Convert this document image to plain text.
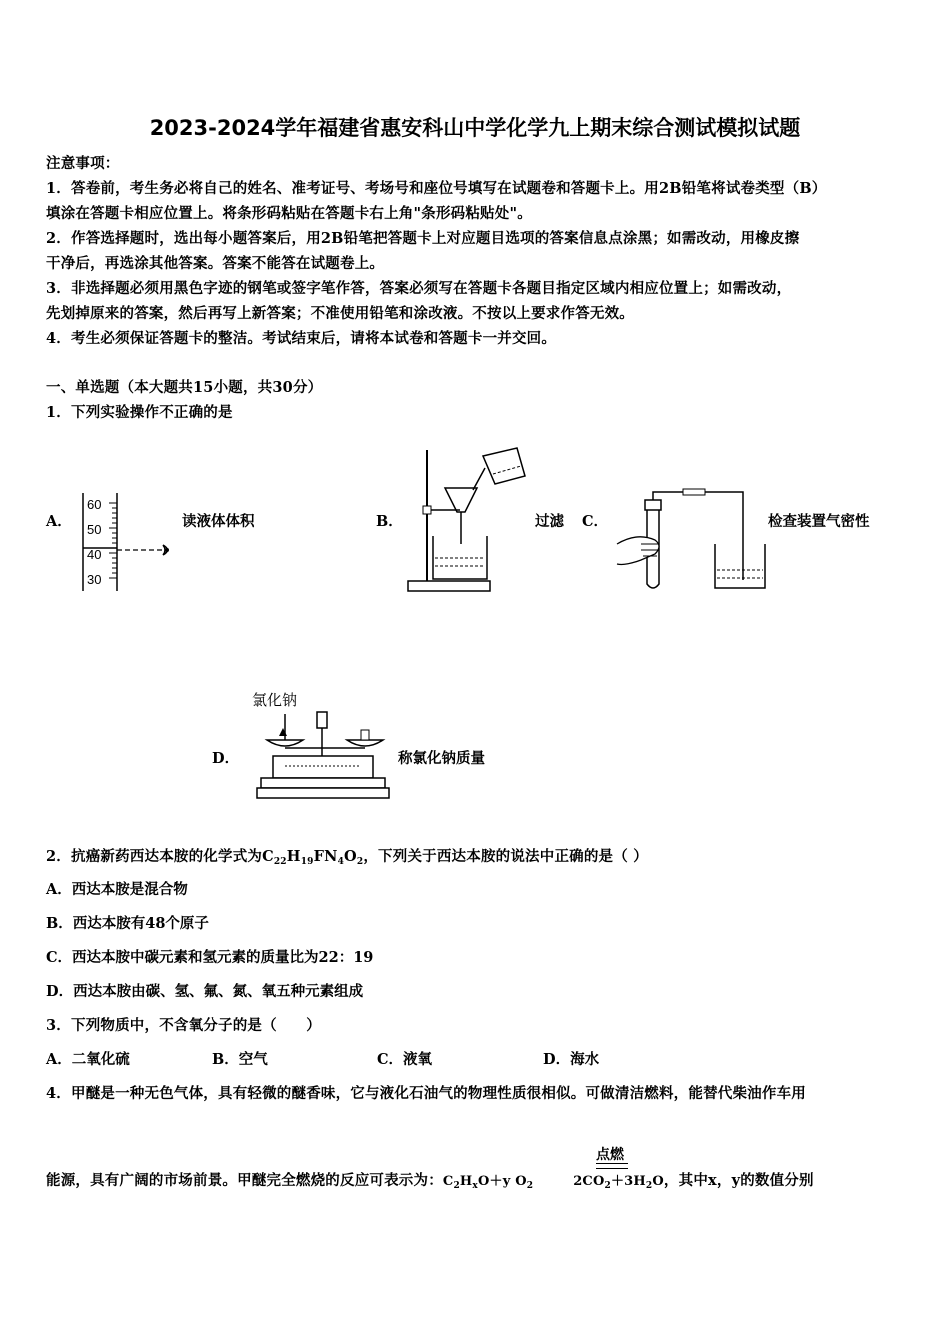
2023-2024学年福建省惠安科山中学化学九上期末综合测试模拟试题
注意事项：
1．答卷前，考生务必将自己的姓名、准考证号、考场号和座位号填写在试题卷和答题卡上。用2B铅笔将试卷类型（B）
填涂在答题卡相应位置上。将条形码粘贴在答题卡右上角"条形码粘贴处"。
2．作答选择题时，选出每小题答案后，用2B铅笔把答题卡上对应题目选项的答案信息点涂黑；如需改动，用橡皮擦
干净后，再选涂其他答案。答案不能答在试题卷上。
3．非选择题必须用黑色字迹的钢笔或签字笔作答，答案必须写在答题卡各题目指定区域内相应位置上；如需改动，
先划掉原来的答案，然后再写上新答案；不准使用铅笔和涂改液。不按以上要求作答无效。
4．考生必须保证答题卡的整洁。考试结束后，请将本试卷和答题卡一并交回。
一、单选题（本大题共15小题，共30分）
1．下列实验操作不正确的是
A．
60
50
40
30
读液体体积	B．	过滤 C．	检查装置气密性
D．
氯化钠
称氯化钠质量
2．抗癌新药西达本胺的化学式为$C_{22}H_{19}FN_4O_2$，下列关于西达本胺的说法中正确的是（ ）
A．西达本胺是混合物
B．西达本胺有48个原子
C．西达本胺中碳元素和氢元素的质量比为22：19
D．西达本胺由碳、氢、氟、氮、氧五种元素组成
3．下列物质中，不含氧分子的是（　　）
A．二氧化硫	B．空气	C．液氧	D．海水
4．甲醚是一种无色气体，具有轻微的醚香味，它与液化石油气的物理性质很相似。可做清洁燃料，能替代柴油作车用
点燃
能源，具有广阔的市场前景。甲醚完全燃烧的反应可表示为：$C_2H_xO+y$ $O_2$	$2CO_2+3H_2O$，其中x，y的数值分别
